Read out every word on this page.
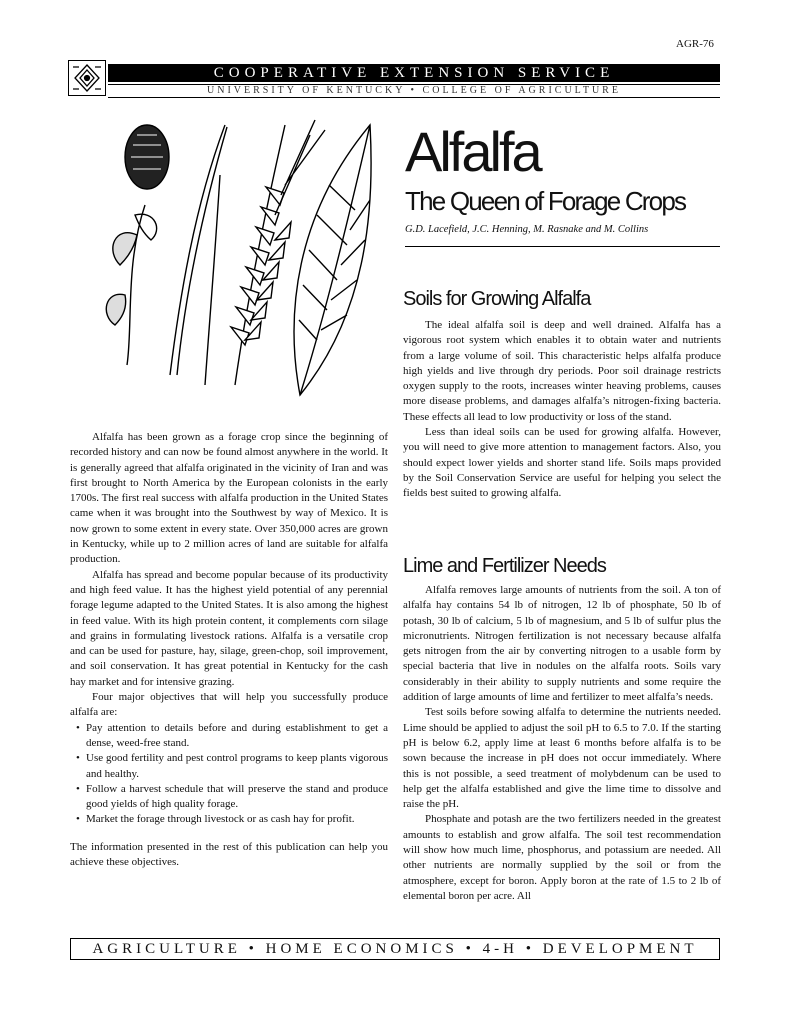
AGR-76
COOPERATIVE EXTENSION SERVICE
UNIVERSITY OF KENTUCKY • COLLEGE OF AGRICULTURE
Alfalfa
The Queen of Forage Crops
G.D. Lacefield, J.C. Henning, M. Rasnake and M. Collins
Soils for Growing Alfalfa

The ideal alfalfa soil is deep and well drained. Alfalfa has a vigorous root system which enables it to obtain water and nutrients from a large volume of soil. This characteristic helps alfalfa produce high yields and live through dry periods. Poor soil drainage restricts oxygen supply to the roots, increases winter heaving problems, causes more disease problems, and damages alfalfa’s nitrogen-fixing bacteria. These effects all lead to low productivity or loss of the stand.

Less than ideal soils can be used for growing alfalfa. However, you will need to give more attention to management factors. Also, you should expect lower yields and shorter stand life. Soils maps provided by the Soil Conservation Service are useful for helping you select the fields best suited to growing alfalfa.

Lime and Fertilizer Needs

Alfalfa removes large amounts of nutrients from the soil. A ton of alfalfa hay contains 54 lb of nitrogen, 12 lb of phosphate, 50 lb of potash, 30 lb of calcium, 5 lb of magnesium, and 5 lb of sulfur plus the micronutrients. Nitrogen fertilization is not necessary because alfalfa gets nitrogen from the air by converting nitrogen to a usable form by special bacteria that live in nodules on the alfalfa roots. Soils vary considerably in their ability to supply nutrients and some require the addition of large amounts of lime and fertilizer to meet alfalfa’s needs.

Test soils before sowing alfalfa to determine the nutrients needed. Lime should be applied to adjust the soil pH to 6.5 to 7.0. If the starting pH is below 6.2, apply lime at least 6 months before alfalfa is to be sown because the increase in pH does not occur immediately. Where this is not possible, a seed treatment of molybdenum can be used to help get the alfalfa established and give the lime time to dissolve and raise the pH.

Phosphate and potash are the two fertilizers needed in the greatest amounts to establish and grow alfalfa. The soil test recommendation will show how much lime, phosphorus, and potassium are needed. All other nutrients are normally supplied by the soil or from the atmosphere, except for boron. Apply boron at the rate of 1.5 to 2 lb of elemental boron per acre. All

Alfalfa has been grown as a forage crop since the beginning of recorded history and can now be found almost anywhere in the world. It is generally agreed that alfalfa originated in the vicinity of Iran and was first brought to North America by the European colonists in the early 1700s. The first real success with alfalfa production in the United States came when it was brought into the Southwest by way of Mexico. It is now grown to some extent in every state. Over 350,000 acres are grown in Kentucky, while up to 2 million acres of land are suitable for alfalfa production.

Alfalfa has spread and become popular because of its productivity and high feed value. It has the highest yield potential of any perennial forage legume adapted to the United States. It is also among the highest in feed value. With its high protein content, it complements corn silage and grains in formulating livestock rations. Alfalfa is a versatile crop and can be used for pasture, hay, silage, green-chop, soil improvement, and soil conservation. It has great potential in Kentucky for the cash hay market and for intensive grazing.

Four major objectives that will help you successfully produce alfalfa are:

• Pay attention to details before and during establishment to get a dense, weed-free stand.
• Use good fertility and pest control programs to keep plants vigorous and healthy.
• Follow a harvest schedule that will preserve the stand and produce good yields of high quality forage.
• Market the forage through livestock or as cash hay for profit.

The information presented in the rest of this publication can help you achieve these objectives.

AGRICULTURE • HOME ECONOMICS • 4-H • DEVELOPMENT
